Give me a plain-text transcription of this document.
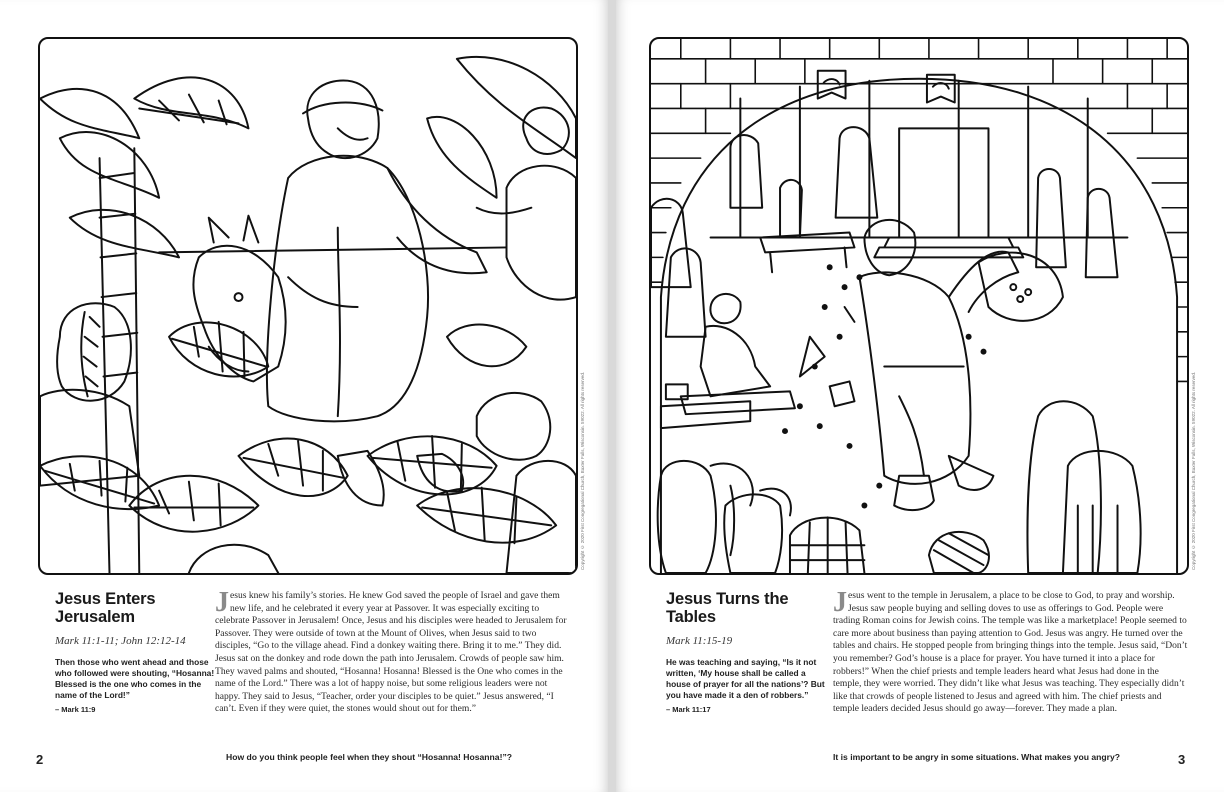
Copyright © 2020 First Congregational Church, Baxter Falls, Wisconsin. 59022. All rights reserved.
Jesus Enters Jerusalem
Mark 11:1-11; John 12:12-14
Then those who went ahead and those who followed were shouting, “Hosanna! Blessed is the one who comes in the name of the Lord!”
– Mark 11:9
Jesus knew his family’s stories. He knew God saved the people of Israel and gave them new life, and he celebrated it every year at Passover. It was especially exciting to celebrate Passover in Jerusalem! Once, Jesus and his disciples were headed to Jerusalem for Passover. They were outside of town at the Mount of Olives, when Jesus said to two disciples, “Go to the village ahead. Find a donkey waiting there. Bring it to me.” They did. Jesus sat on the donkey and rode down the path into Jerusalem. Crowds of people saw him. They waved palms and shouted, “Hosanna! Hosanna! Blessed is the One who comes in the name of the Lord.” There was a lot of happy noise, but some religious leaders were not happy. They said to Jesus, “Teacher, order your disciples to be quiet.” Jesus answered, “I can’t. Even if they were quiet, the stones would shout out for them.”
How do you think people feel when they shout “Hosanna! Hosanna!”?
2
Copyright © 2020 First Congregational Church, Baxter Falls, Wisconsin. 59022. All rights reserved.
Jesus Turns the Tables
Mark 11:15-19
He was teaching and saying, “Is it not written, ‘My house shall be called a house of prayer for all the nations’? But you have made it a den of robbers.”
– Mark 11:17
Jesus went to the temple in Jerusalem, a place to be close to God, to pray and worship. Jesus saw people buying and selling doves to use as offerings to God. People were trading Roman coins for Jewish coins. The temple was like a marketplace! People seemed to care more about business than paying attention to God. Jesus was angry. He turned over the tables and chairs. He stopped people from bringing things into the temple. Jesus said, “Don’t you remember? God’s house is a place for prayer. You have turned it into a place for robbers!” When the chief priests and temple leaders heard what Jesus had done in the temple, they were worried. They didn’t like what Jesus was teaching. They especially didn’t like that crowds of people listened to Jesus and agreed with him. The chief priests and temple leaders decided Jesus should go away—forever. They made a plan.
It is important to be angry in some situations. What makes you angry?	3
